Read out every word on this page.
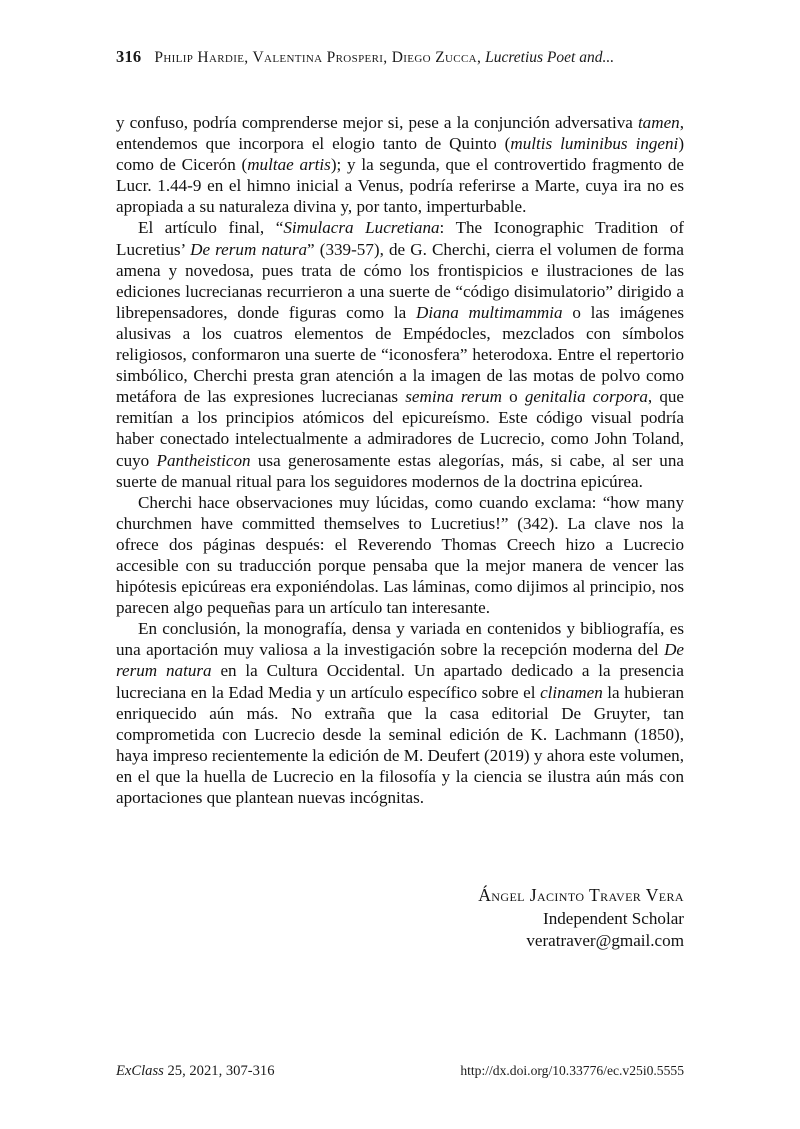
316 Philip Hardie, Valentina Prosperi, Diego Zucca, Lucretius Poet and...

y confuso, podría comprenderse mejor si, pese a la conjunción adversativa tamen, entendemos que incorpora el elogio tanto de Quinto (multis luminibus ingeni) como de Cicerón (multae artis); y la segunda, que el controvertido fragmento de Lucr. 1.44-9 en el himno inicial a Venus, podría referirse a Marte, cuya ira no es apropiada a su naturaleza divina y, por tanto, imperturbable.

El artículo final, “Simulacra Lucretiana: The Iconographic Tradition of Lucretius’ De rerum natura” (339-57), de G. Cherchi, cierra el volumen de forma amena y novedosa, pues trata de cómo los frontispicios e ilustraciones de las ediciones lucrecianas recurrieron a una suerte de “código disimulatorio” dirigido a librepensadores, donde figuras como la Diana multimammia o las imágenes alusivas a los cuatros elementos de Empédocles, mezclados con símbolos religiosos, conformaron una suerte de “iconosfera” heterodoxa. Entre el repertorio simbólico, Cherchi presta gran atención a la imagen de las motas de polvo como metáfora de las expresiones lucrecianas semina rerum o genitalia corpora, que remitían a los principios atómicos del epicureísmo. Este código visual podría haber conectado intelectualmente a admiradores de Lucrecio, como John Toland, cuyo Pantheisticon usa generosamente estas alegorías, más, si cabe, al ser una suerte de manual ritual para los seguidores modernos de la doctrina epicúrea.

Cherchi hace observaciones muy lúcidas, como cuando exclama: “how many churchmen have committed themselves to Lucretius!” (342). La clave nos la ofrece dos páginas después: el Reverendo Thomas Creech hizo a Lucrecio accesible con su traducción porque pensaba que la mejor manera de vencer las hipótesis epicúreas era exponiéndolas. Las láminas, como dijimos al principio, nos parecen algo pequeñas para un artículo tan interesante.

En conclusión, la monografía, densa y variada en contenidos y bibliografía, es una aportación muy valiosa a la investigación sobre la recepción moderna del De rerum natura en la Cultura Occidental. Un apartado dedicado a la presencia lucreciana en la Edad Media y un artículo específico sobre el clinamen la hubieran enriquecido aún más. No extraña que la casa editorial De Gruyter, tan comprometida con Lucrecio desde la seminal edición de K. Lachmann (1850), haya impreso recientemente la edición de M. Deufert (2019) y ahora este volumen, en el que la huella de Lucrecio en la filosofía y la ciencia se ilustra aún más con aportaciones que plantean nuevas incógnitas.

Ángel Jacinto Traver Vera
Independent Scholar
veratraver@gmail.com
ExClass 25, 2021, 307-316	http://dx.doi.org/10.33776/ec.v25i0.5555
